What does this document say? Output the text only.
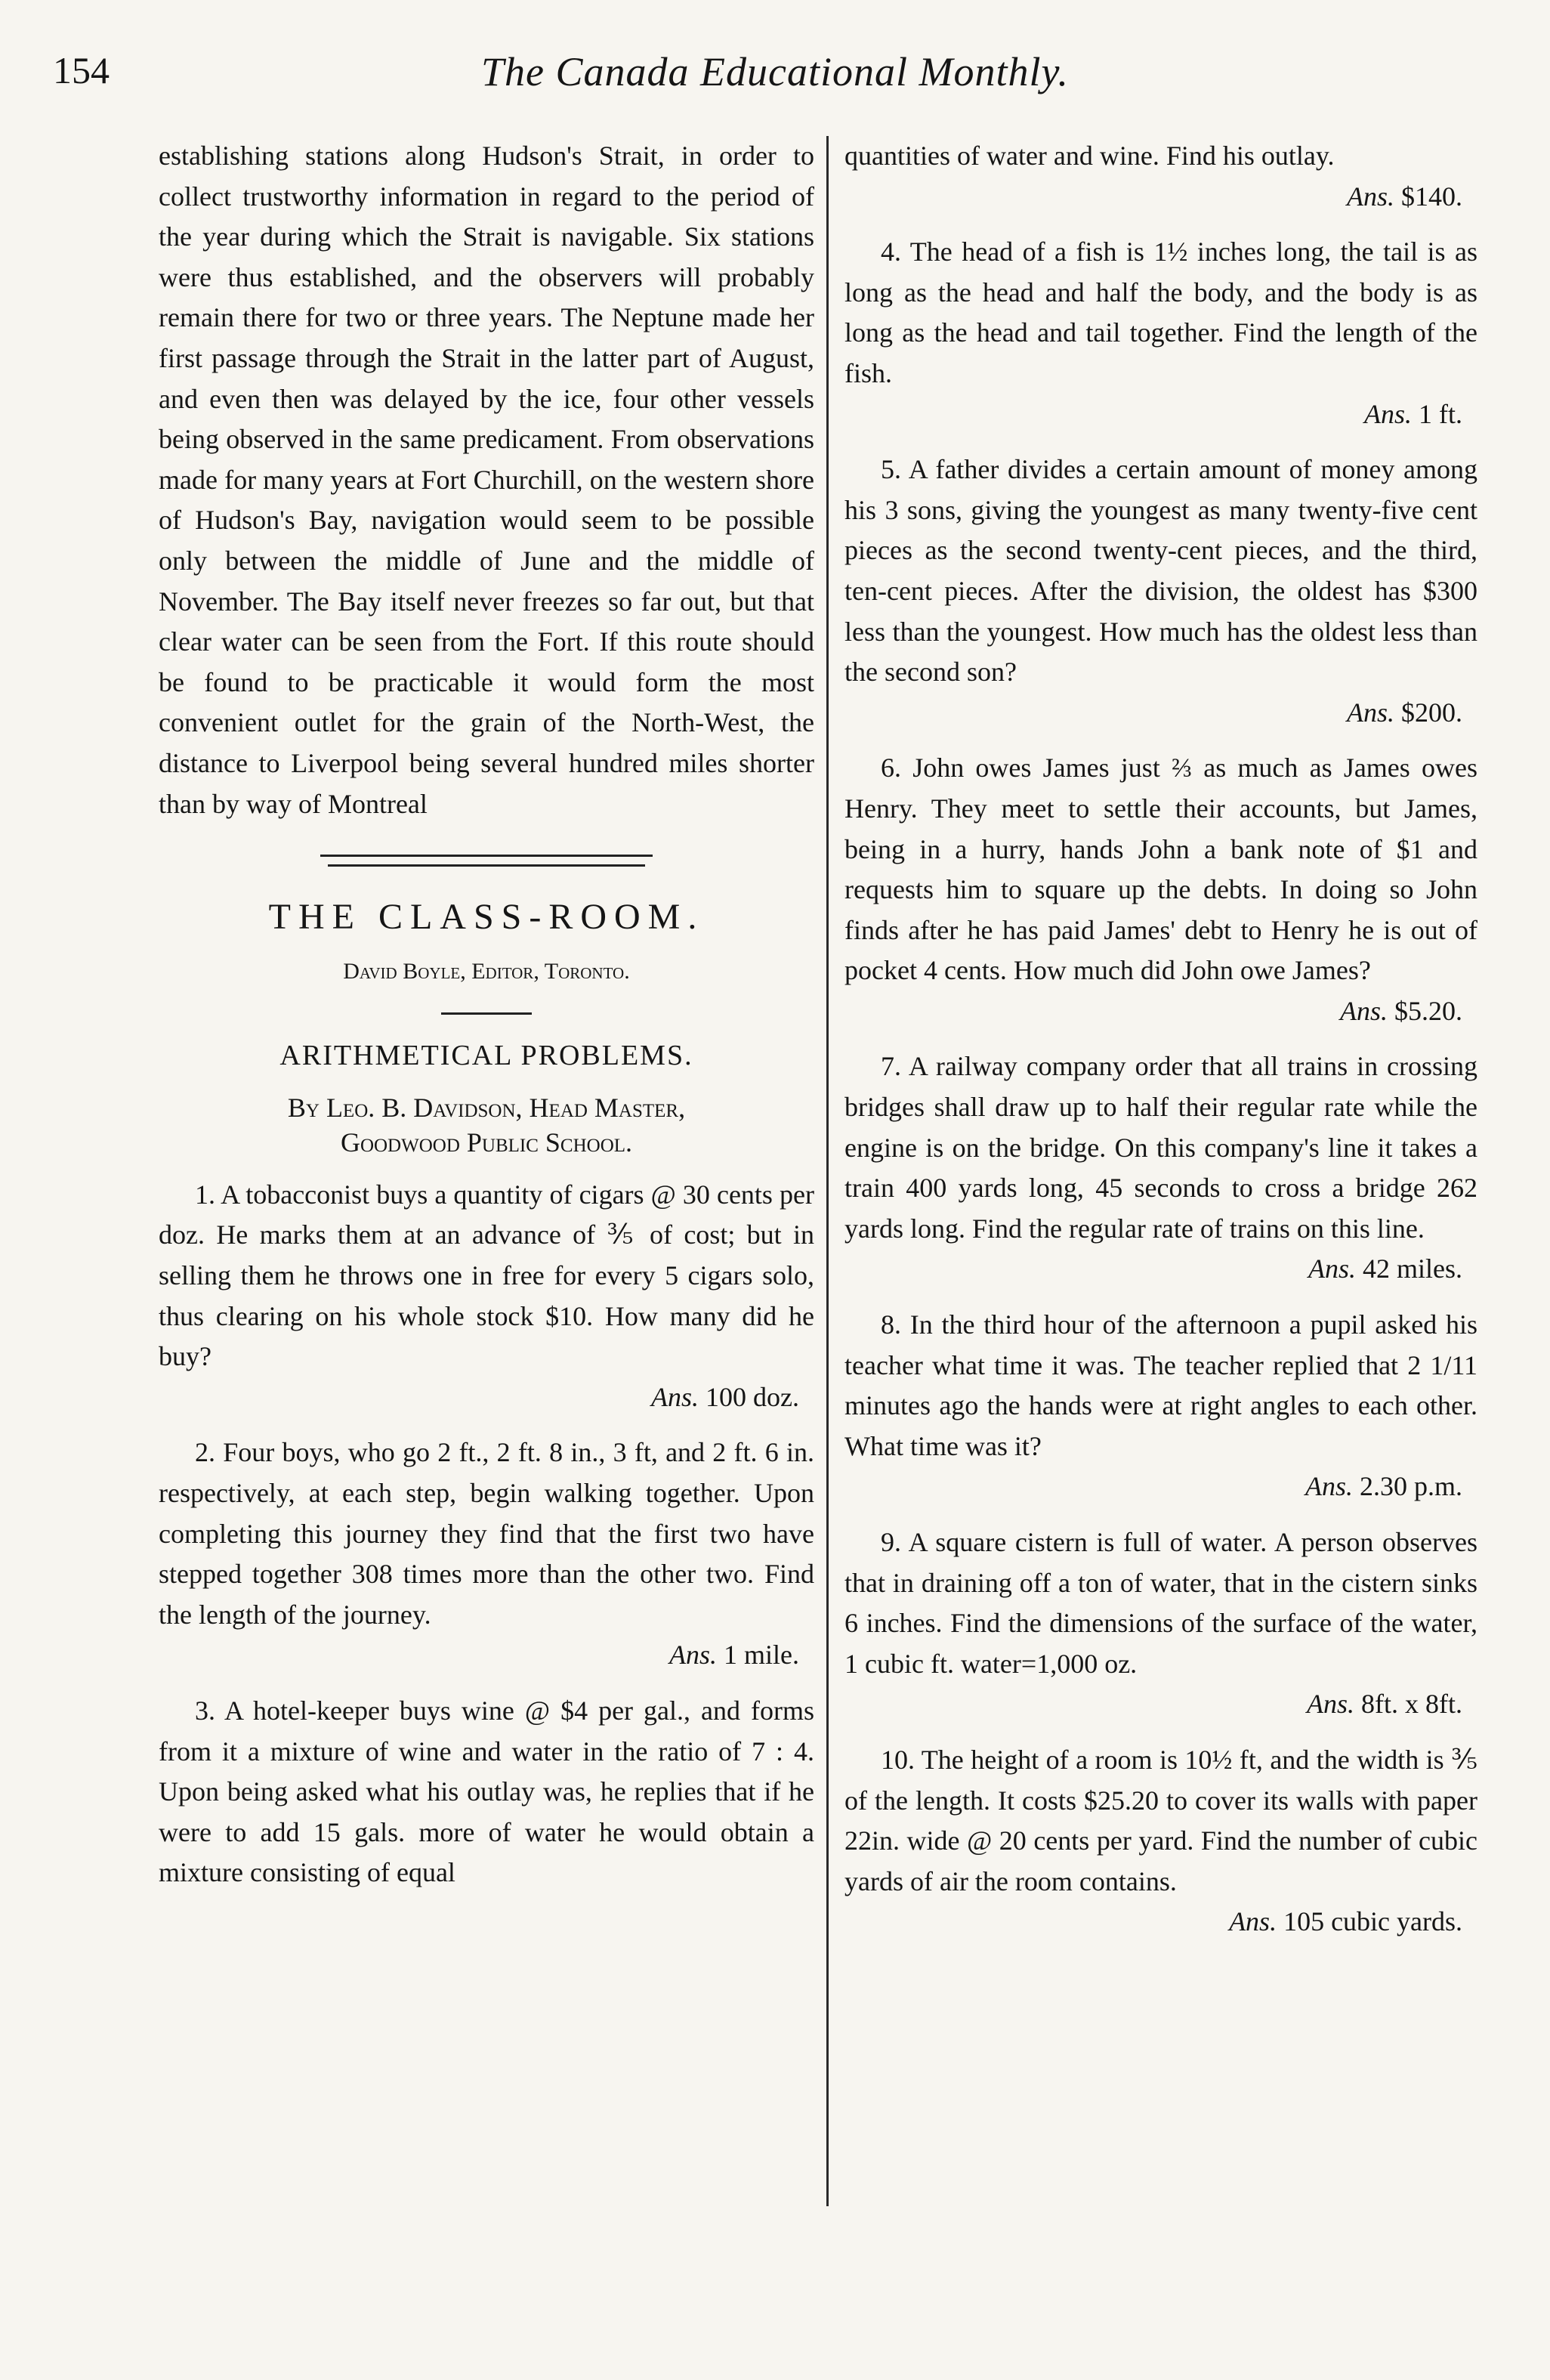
154	The Canada Educational Monthly.

establishing stations along Hudson's Strait, in order to collect trustworthy information in regard to the period of the year during which the Strait is navigable. Six stations were thus established, and the observers will probably remain there for two or three years. The Neptune made her first passage through the Strait in the latter part of August, and even then was delayed by the ice, four other vessels being observed in the same predicament. From observations made for many years at Fort Churchill, on the western shore of Hudson's Bay, navigation would seem to be possible only between the middle of June and the middle of November. The Bay itself never freezes so far out, but that clear water can be seen from the Fort. If this route should be found to be practicable it would form the most convenient outlet for the grain of the North-West, the distance to Liverpool being several hundred miles shorter than by way of Montreal

THE CLASS-ROOM.
David Boyle, Editor, Toronto.
ARITHMETICAL PROBLEMS.
By Leo. B. Davidson, Head Master,
Goodwood Public School.

1. A tobacconist buys a quantity of cigars @ 30 cents per doz. He marks them at an advance of ⅗ of cost; but in selling them he throws one in free for every 5 cigars solo, thus clearing on his whole stock $10. How many did he buy?

Ans. 100 doz.

2. Four boys, who go 2 ft., 2 ft. 8 in., 3 ft, and 2 ft. 6 in. respectively, at each step, begin walking together. Upon completing this journey they find that the first two have stepped together 308 times more than the other two. Find the length of the journey.

Ans. 1 mile.

3. A hotel-keeper buys wine @ $4 per gal., and forms from it a mixture of wine and water in the ratio of 7 : 4. Upon being asked what his outlay was, he replies that if he were to add 15 gals. more of water he would obtain a mixture consisting of equal

quantities of water and wine. Find his outlay.

Ans. $140.

4. The head of a fish is 1½ inches long, the tail is as long as the head and half the body, and the body is as long as the head and tail together. Find the length of the fish.

Ans. 1 ft.

5. A father divides a certain amount of money among his 3 sons, giving the youngest as many twenty-five cent pieces as the second twenty-cent pieces, and the third, ten-cent pieces. After the division, the oldest has $300 less than the youngest. How much has the oldest less than the second son?

Ans. $200.

6. John owes James just ⅔ as much as James owes Henry. They meet to settle their accounts, but James, being in a hurry, hands John a bank note of $1 and requests him to square up the debts. In doing so John finds after he has paid James' debt to Henry he is out of pocket 4 cents. How much did John owe James?

Ans. $5.20.

7. A railway company order that all trains in crossing bridges shall draw up to half their regular rate while the engine is on the bridge. On this company's line it takes a train 400 yards long, 45 seconds to cross a bridge 262 yards long. Find the regular rate of trains on this line.

Ans. 42 miles.

8. In the third hour of the afternoon a pupil asked his teacher what time it was. The teacher replied that 2 1/11 minutes ago the hands were at right angles to each other. What time was it?

Ans. 2.30 p.m.

9. A square cistern is full of water. A person observes that in draining off a ton of water, that in the cistern sinks 6 inches. Find the dimensions of the surface of the water, 1 cubic ft. water=1,000 oz.

Ans. 8ft. x 8ft.

10. The height of a room is 10½ ft, and the width is ⅗ of the length. It costs $25.20 to cover its walls with paper 22in. wide @ 20 cents per yard. Find the number of cubic yards of air the room contains.

Ans. 105 cubic yards.
